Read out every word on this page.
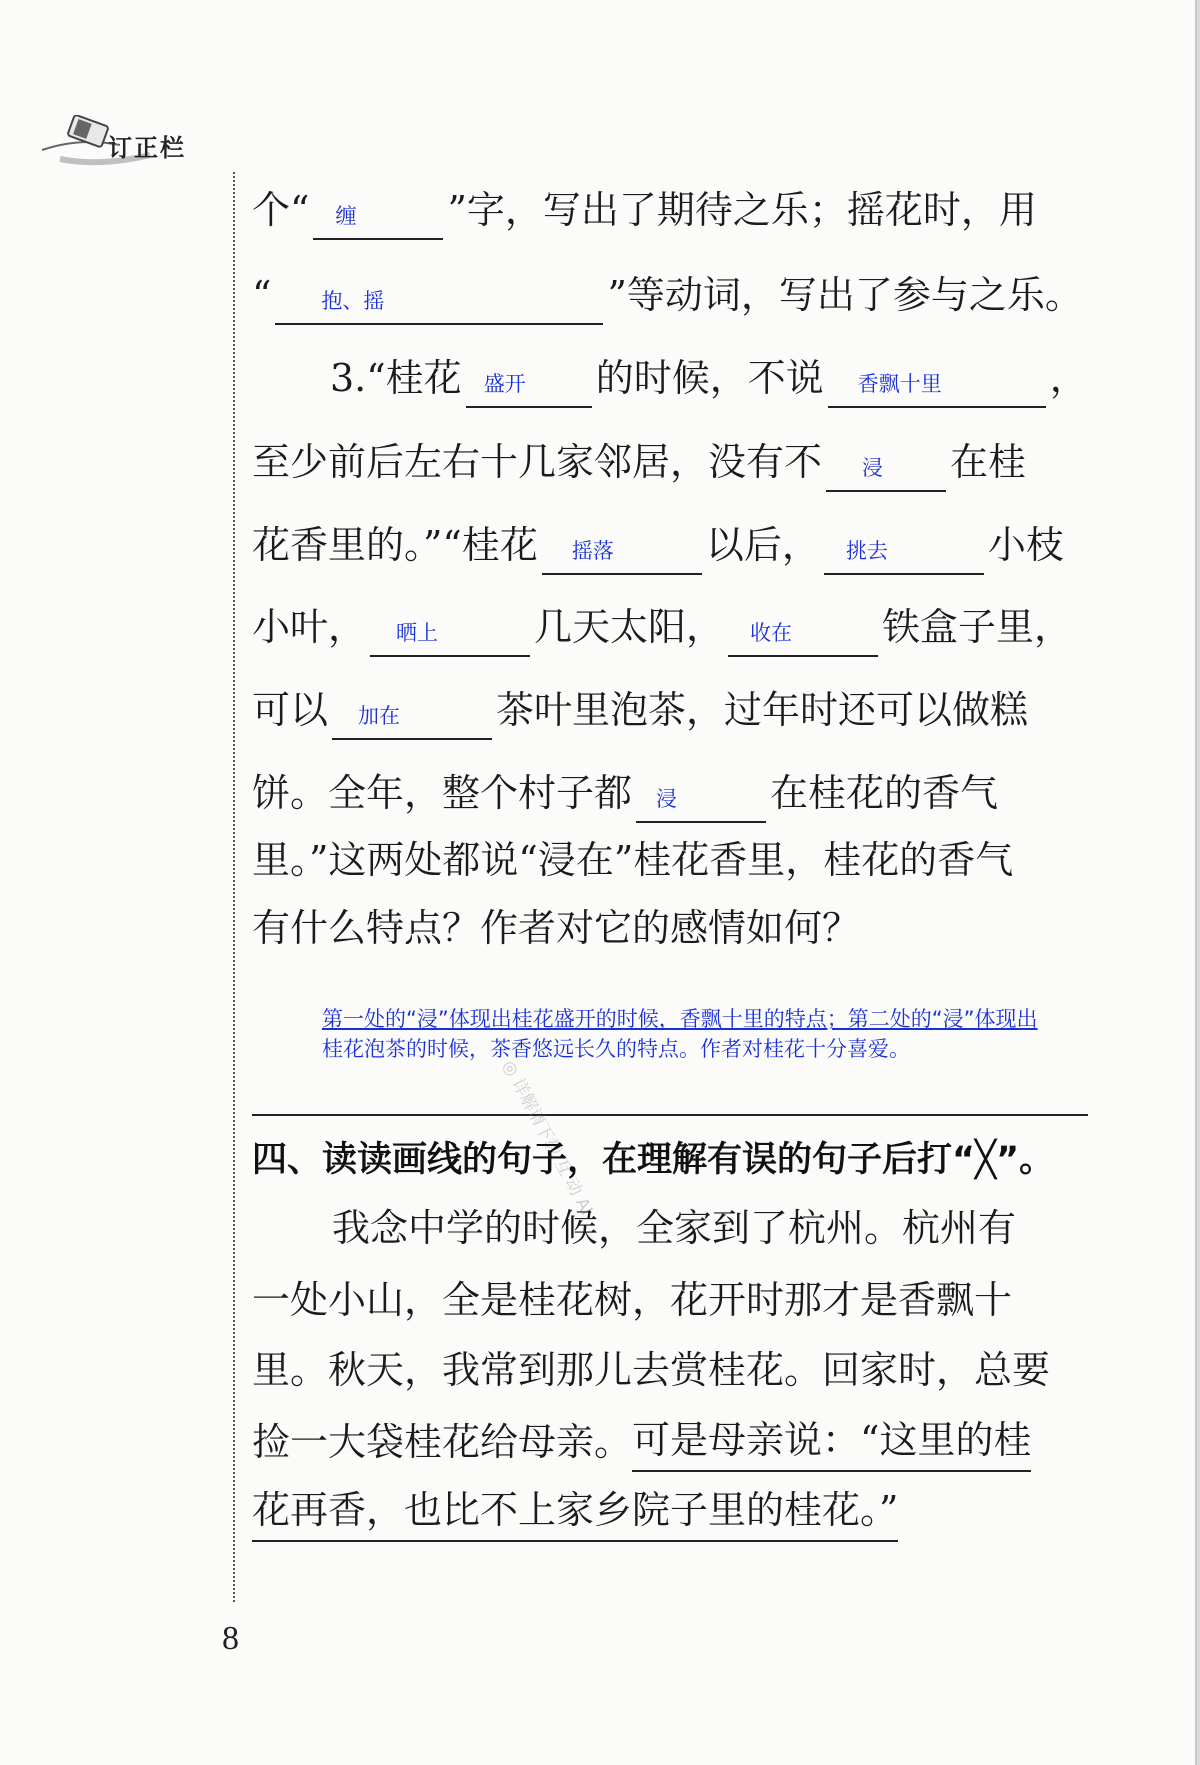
订正栏
个“ 缠 ”字，写出了期待之乐；摇花时，用
“ 抱、摇	”等动词，写出了参与之乐。
3.“桂花 盛开 的时候，不说 香飘十里	，
至少前后左右十几家邻居，没有不 浸 在桂
花香里的。”“桂花 摇落 以后， 挑去	小枝
小叶， 晒上	几天太阳， 收在 铁盒子里，
可以 加在	茶叶里泡茶，过年时还可以做糕
饼。全年，整个村子都 浸 在桂花的香气
里。”这两处都说“浸在”桂花香里，桂花的香气
有什么特点？作者对它的感情如何？
第一处的“浸”体现出桂花盛开的时候，香飘十里的特点；第二处的“浸”体现出
桂花泡茶的时候，茶香悠远长久的特点。作者对桂花十分喜爱。
◎ 详解请下载 互 动 AI
四、读读画线的句子，在理解有误的句子后打“╳”。
我念中学的时候，全家到了杭州。杭州有
一处小山，全是桂花树，花开时那才是香飘十
里。秋天，我常到那儿去赏桂花。回家时，总要
捡一大袋桂花给母亲。可是母亲说：“这里的桂
花再香，也比不上家乡院子里的桂花。”
8
